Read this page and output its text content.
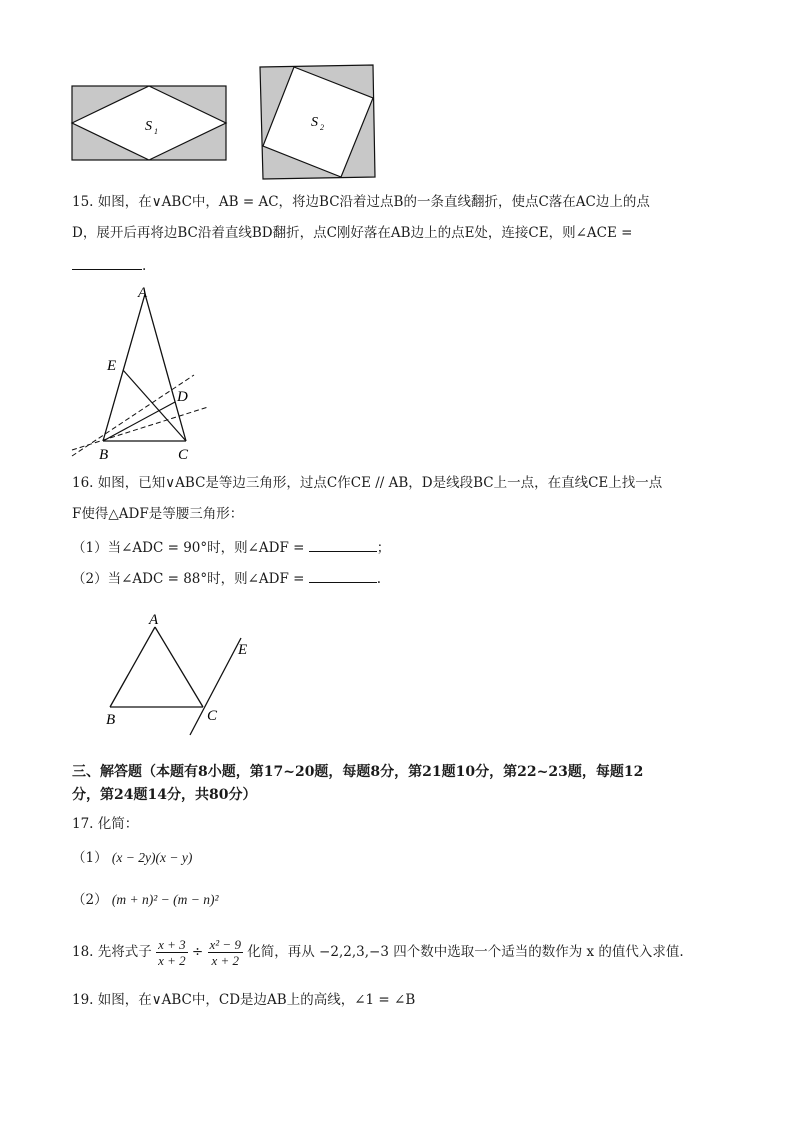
S 1
S 2
15. 如图，在∨ABC中，AB = AC，将边BC沿着过点B的一条直线翻折，使点C落在AC边上的点
D，展开后再将边BC沿着直线BD翻折，点C刚好落在AB边上的点E处，连接CE，则∠ACE =
.
A
E
D
B	C
16. 如图，已知∨ABC是等边三角形，过点C作CE // AB，D是线段BC上一点，在直线CE上找一点
F使得△ADF是等腰三角形：
（1）当∠ADC = 90°时，则∠ADF =	；
（2）当∠ADC = 88°时，则∠ADF =	.
A
B	C
E
三、解答题（本题有8小题，第17~20题，每题8分，第21题10分，第22~23题，每题12
分，第24题14分，共80分）
17. 化简：
（1） (x − 2y)(x − y)
（2） (m + n)² − (m − n)²
18. 先将式子 $\frac{x + 3}{x + 2} \div \frac{\text{x² − 9}}{x + 2}$ 化简，再从 −2,2,3,−3 四个数中选取一个适当的数作为 x 的值代入求值.
19. 如图，在∨ABC中，CD是边AB上的高线，∠1 = ∠B
